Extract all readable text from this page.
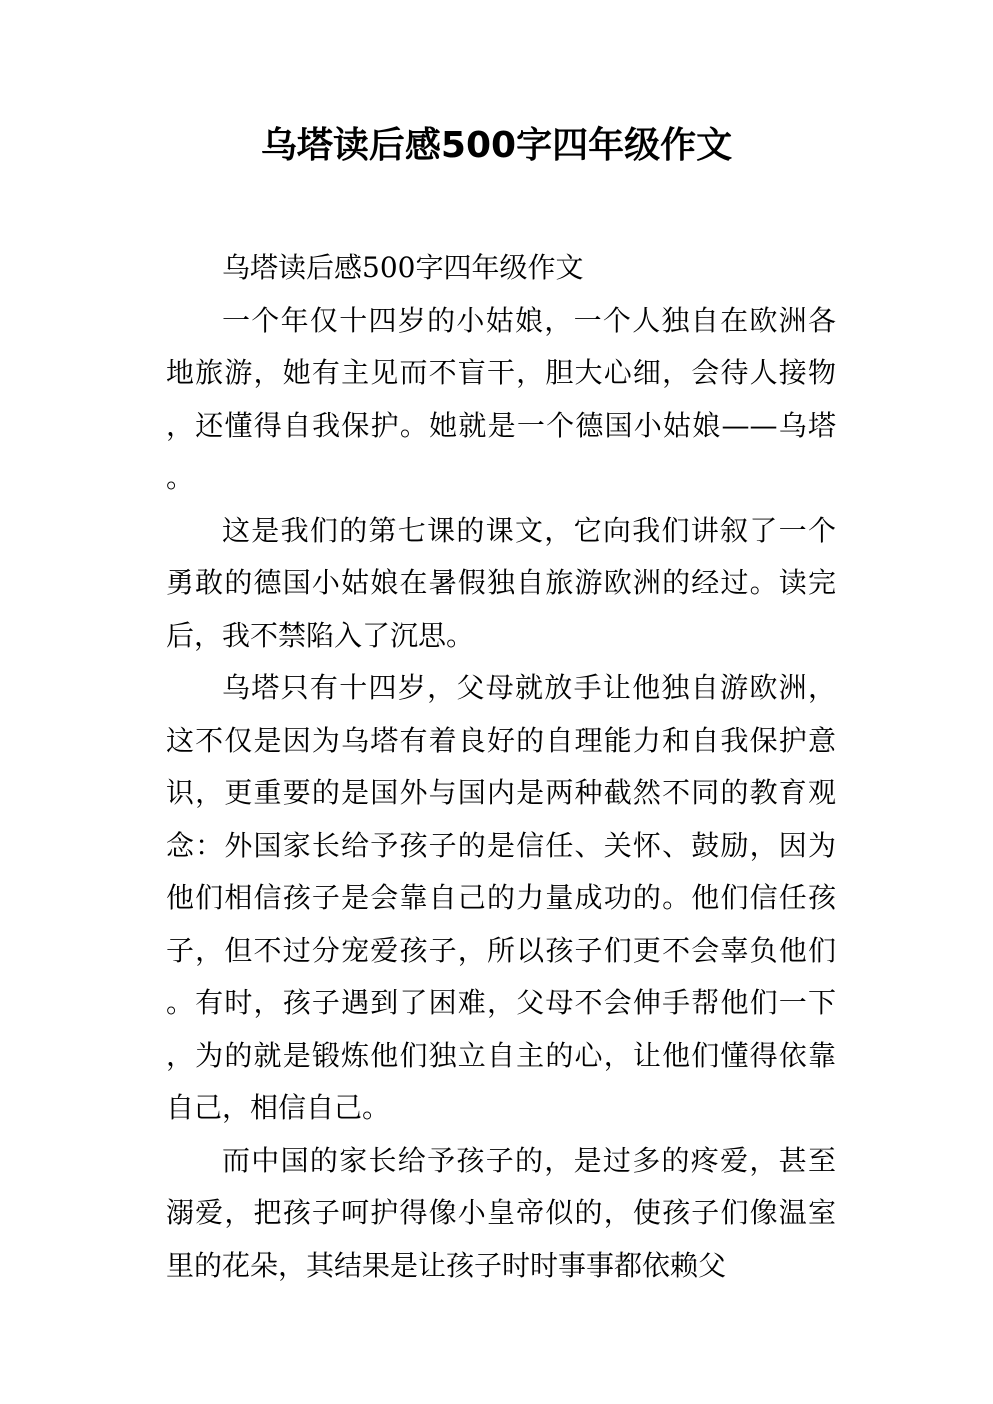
乌塔读后感500字四年级作文

乌塔读后感500字四年级作文

一个年仅十四岁的小姑娘，一个人独自在欧洲各地旅游，她有主见而不盲干，胆大心细，会待人接物，还懂得自我保护。她就是一个德国小姑娘——乌塔。

这是我们的第七课的课文，它向我们讲叙了一个勇敢的德国小姑娘在暑假独自旅游欧洲的经过。读完后，我不禁陷入了沉思。

乌塔只有十四岁，父母就放手让他独自游欧洲，这不仅是因为乌塔有着良好的自理能力和自我保护意识，更重要的是国外与国内是两种截然不同的教育观念：外国家长给予孩子的是信任、关怀、鼓励，因为他们相信孩子是会靠自己的力量成功的。他们信任孩子，但不过分宠爱孩子，所以孩子们更不会辜负他们。有时，孩子遇到了困难，父母不会伸手帮他们一下，为的就是锻炼他们独立自主的心，让他们懂得依靠自己，相信自己。

而中国的家长给予孩子的，是过多的疼爱，甚至溺爱，把孩子呵护得像小皇帝似的，使孩子们像温室里的花朵，其结果是让孩子时时事事都依赖父
